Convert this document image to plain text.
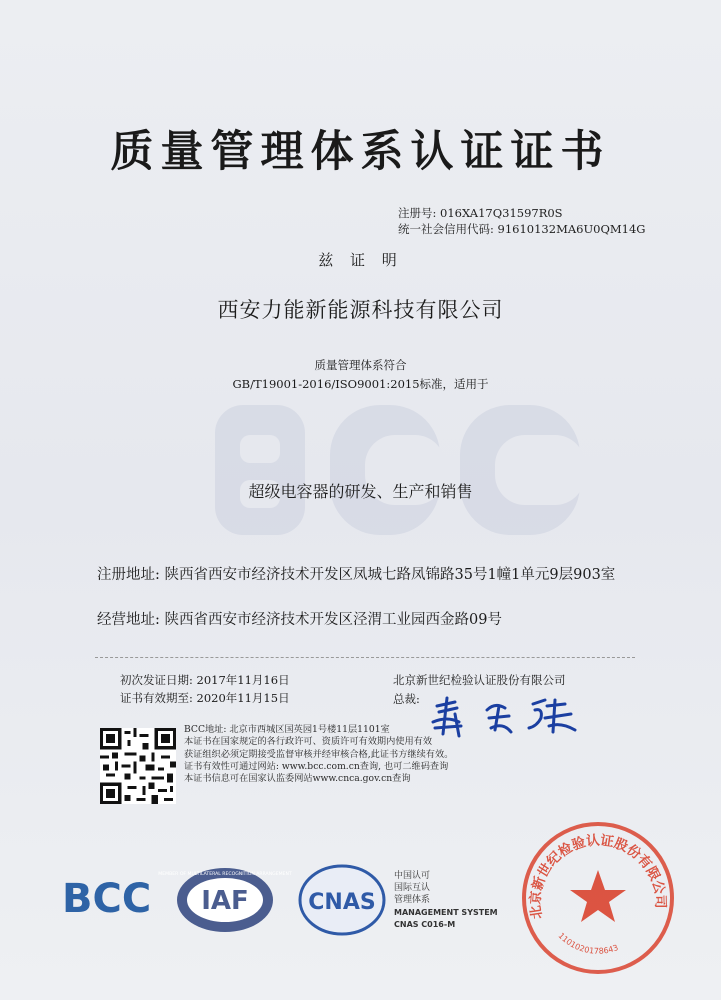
质量管理体系认证证书
注册号: 016XA17Q31597R0S
统一社会信用代码: 91610132MA6U0QM14G
兹 证 明
西安力能新能源科技有限公司
质量管理体系符合
GB/T19001-2016/ISO9001:2015标准，适用于
超级电容器的研发、生产和销售
注册地址: 陕西省西安市经济技术开发区凤城七路凤锦路35号1幢1单元9层903室
经营地址: 陕西省西安市经济技术开发区泾渭工业园西金路09号
初次发证日期: 2017年11月16日
证书有效期至: 2020年11月15日
北京新世纪检验认证股份有限公司
总裁:
BCC地址: 北京市西城区国英园1号楼11层1101室
本证书在国家规定的各行政许可、资质许可有效期内使用有效
获证组织必须定期接受监督审核并经审核合格,此证书方继续有效。
证书有效性可通过网站: www.bcc.com.cn查询, 也可二维码查询
本证书信息可在国家认监委网站www.cnca.gov.cn查询
BCC IAF
MEMBER OF MULTILATERAL RECOGNITION ARRANGEMENT
CNAS
中国认可
国际互认
管理体系
MANAGEMENT SYSTEM
CNAS C016-M
北京新世纪检验认证股份有限公司
1101020178643
